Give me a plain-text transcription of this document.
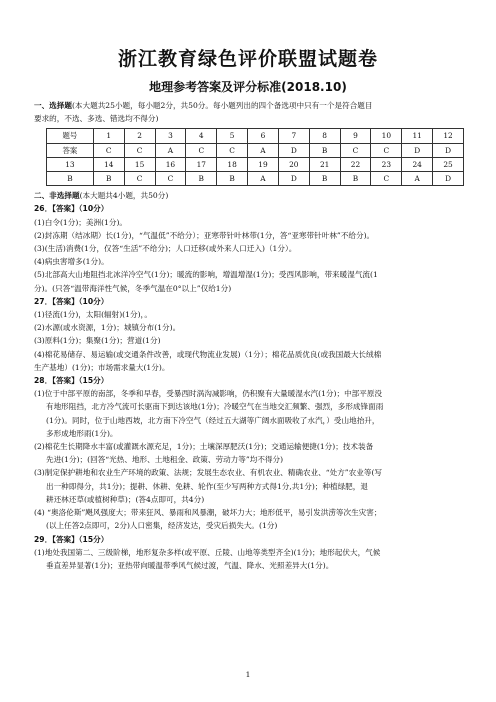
浙江教育绿色评价联盟试题卷
地理参考答案及评分标准(2018.10)

一、选择题(本大题共25小题，每小题2分，共50分。每小题列出的四个备选项中只有一个是符合题目

要求的，不选、多选、错选均不得分)

题号	1	2	3	4	5	6	7	8	9	10	11	12
答案	C	C	A	C	C	A	D	B	C	C	D	D
13	14	15	16	17	18	19	20	21	22	23	24	25
B	B	C	C	B	B	A	D	B	B	C	A	D

二、非选择题(本大题共4小题，共50分)

26．【答案】（10分）

(1)白令(1分)；美洲(1分)。

(2)封冻期（结冰期）长(1分)，“气温低”不给分）；亚寒带针叶林带(1分，答“亚寒带针叶林”不给分)。

(3)(生活)消费(1分，仅答“生活”不给分)；人口迁移(或外来人口迁入)（1分）。

(4)病虫害增多(1分)。

(5)北部高大山地阻挡北冰洋冷空气(1分)；暖流的影响，增温增湿(1分)；受西风影响，带来暖湿气流(1

分)。(只答“温带海洋性气候，冬季气温在0°以上”仅给1分)

27．【答案】（10分）

(1)径流(1分)，太阳(辐射)(1分)，。

(2)水源(或水资源，1分)；城镇分布(1分)。

(3)原料(1分)；集聚(1分)；营道(1分)

(4)棉花易储存、易运输(或交通条件改善，或现代物流业发展)（1分）；棉花品质优良(或我国最大长绒棉

生产基地）(1分)；市场需求量大(1分)。

28．【答案】（15分）

(1)位于中部平原的南部，冬季和早春，受暴西时涡沟减影响，仍积聚有大量暖湿水汽(1分)；中部平原没

有地形阻挡，北方冷气流可长驱南下到达该地(1分)；冷暖空气在当地交汇频繁、强烈，多形成锋面雨

(1分)。同时，位于山地西坡，北方南下冷空气（经过五大湖等广阔水面吸收了水汽，）受山地抬升，

多形成地形雨(1分)。

(2)棉花生长期降水丰富(或灌溉水源充足，1分)；土壤深厚肥沃(1分)；交通运输便捷(1分)；技术装备

先进(1分)；(回答“光热、地形、土地租金、政策、劳动力等”均不得分)

(3)制定保护耕地和农业生产环境的政策、法规；发展生态农业、有机农业、精确农业、“处方”农业等(写

出一种即得分，共1分)；提耕、休耕、免耕、轮作(至少写两种方式得1分,共1分)；种植绿肥，退

耕还林还草(或植树种草)；(答4点即可，共4分)

(4) “奥洛伦斯”飓风强度大；带来狂风、暴雨和风暴潮，破坏力大；地形低平，易引发洪涝等次生灾害；

(以上任答2点即可，2分)人口密集，经济发达，受灾后损失大。(1分)

29．【答案】（15分）

(1)地处我国第二、三级阶梯，地形复杂多样(或平原、丘陵、山地等类型齐全)(1分)；地形起伏大，气候

垂直差异显著(1分)；亚热带向暖温带季风气候过渡，气温、降水、光照差异大(1分)。

1
